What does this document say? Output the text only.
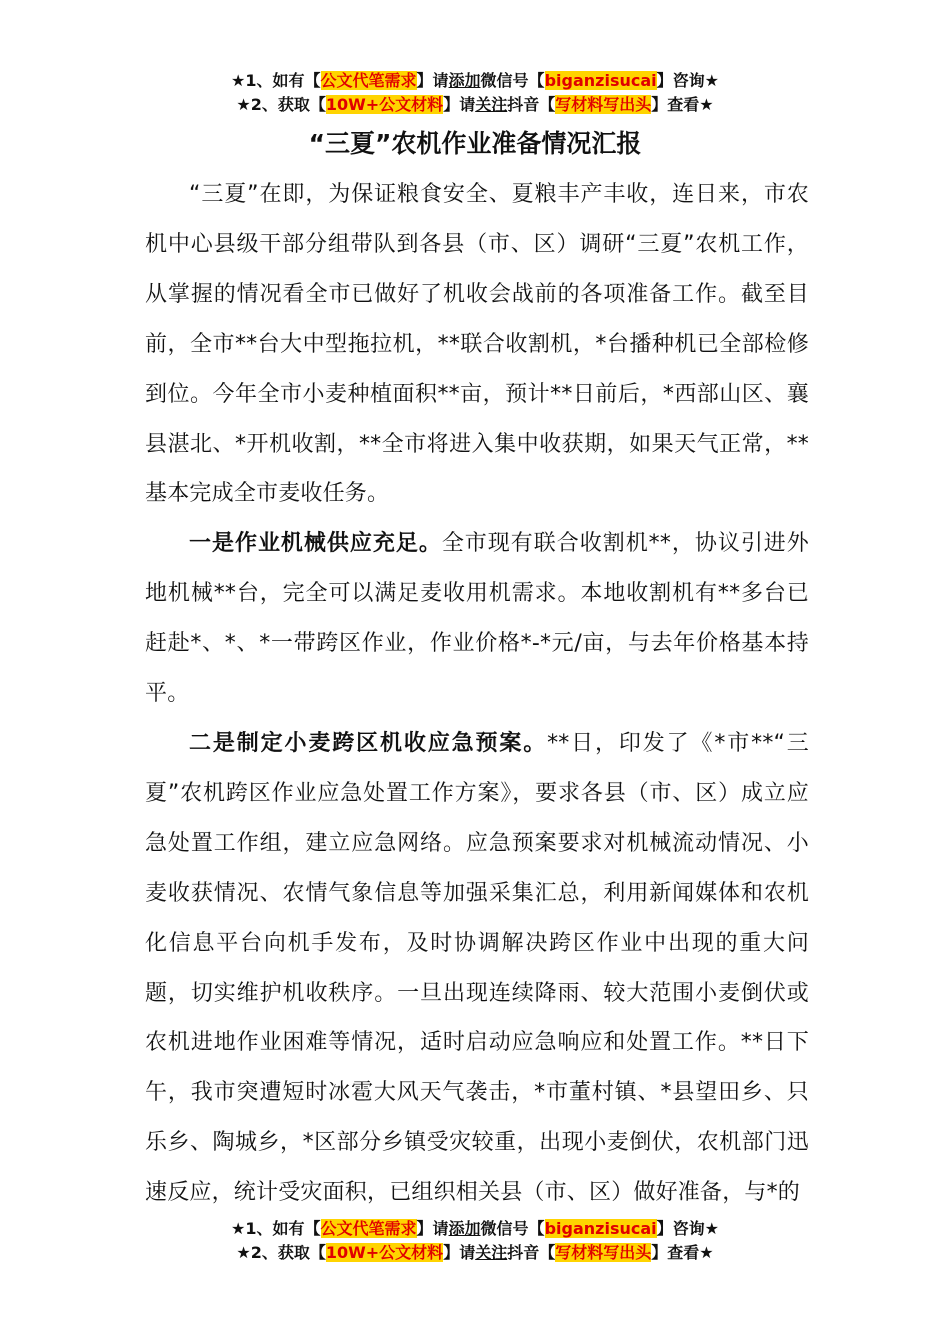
★1、如有【公文代笔需求】请添加微信号【biganzisucai】咨询★
★2、获取【10W+公文材料】请关注抖音【写材料写出头】查看★
“三夏”农机作业准备情况汇报

“三夏”在即，为保证粮食安全、夏粮丰产丰收，连日来，市农机中心县级干部分组带队到各县（市、区）调研“三夏”农机工作，从掌握的情况看全市已做好了机收会战前的各项准备工作。截至目前，全市**台大中型拖拉机，**联合收割机，*台播种机已全部检修到位。今年全市小麦种植面积**亩，预计**日前后，*西部山区、襄县湛北、*开机收割，**全市将进入集中收获期，如果天气正常，**基本完成全市麦收任务。

一是作业机械供应充足。全市现有联合收割机**，协议引进外地机械**台，完全可以满足麦收用机需求。本地收割机有**多台已赶赴*、*、*一带跨区作业，作业价格*-*元/亩，与去年价格基本持平。

二是制定小麦跨区机收应急预案。**日，印发了《*市**“三夏”农机跨区作业应急处置工作方案》，要求各县（市、区）成立应急处置工作组，建立应急网络。应急预案要求对机械流动情况、小麦收获情况、农情气象信息等加强采集汇总，利用新闻媒体和农机化信息平台向机手发布，及时协调解决跨区作业中出现的重大问题，切实维护机收秩序。一旦出现连续降雨、较大范围小麦倒伏或农机进地作业困难等情况，适时启动应急响应和处置工作。**日下午，我市突遭短时冰雹大风天气袭击，*市董村镇、*县望田乡、只乐乡、陶城乡，*区部分乡镇受灾较重，出现小麦倒伏，农机部门迅速反应，统计受灾面积，已组织相关县（市、区）做好准备，与*的

★1、如有【公文代笔需求】请添加微信号【biganzisucai】咨询★
★2、获取【10W+公文材料】请关注抖音【写材料写出头】查看★
